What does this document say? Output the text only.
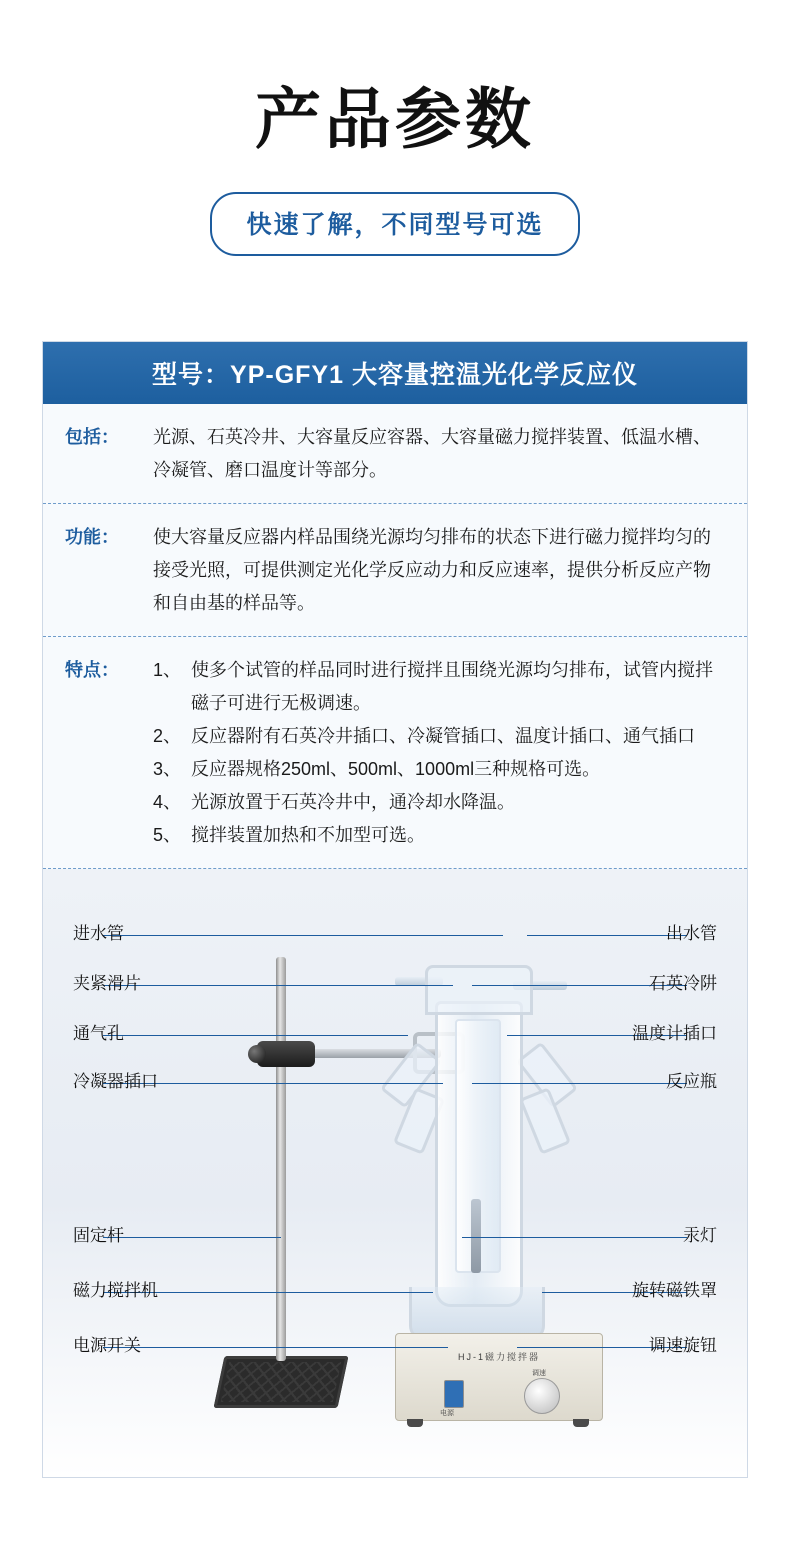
产品参数
快速了解，不同型号可选
型号：YP-GFY1 大容量控温光化学反应仪
包括：	光源、石英冷井、大容量反应容器、大容量磁力搅拌装置、低温水槽、冷凝管、磨口温度计等部分。
功能：	使大容量反应器内样品围绕光源均匀排布的状态下进行磁力搅拌均匀的接受光照，可提供测定光化学反应动力和反应速率，提供分析反应产物和自由基的样品等。
特点：	1、 使多个试管的样品同时进行搅拌且围绕光源均匀排布，试管内搅拌磁子可进行无极调速。
2、 反应器附有石英冷井插口、冷凝管插口、温度计插口、通气插口
3、 反应器规格250ml、500ml、1000ml三种规格可选。
4、 光源放置于石英冷井中，通冷却水降温。
5、 搅拌装置加热和不加型可选。
HJ-1磁力搅拌器
电源
调速
进水管
夹紧滑片
通气孔
冷凝器插口
固定杆
磁力搅拌机
电源开关
出水管
石英冷阱
温度计插口
反应瓶
汞灯
旋转磁铁罩
调速旋钮
